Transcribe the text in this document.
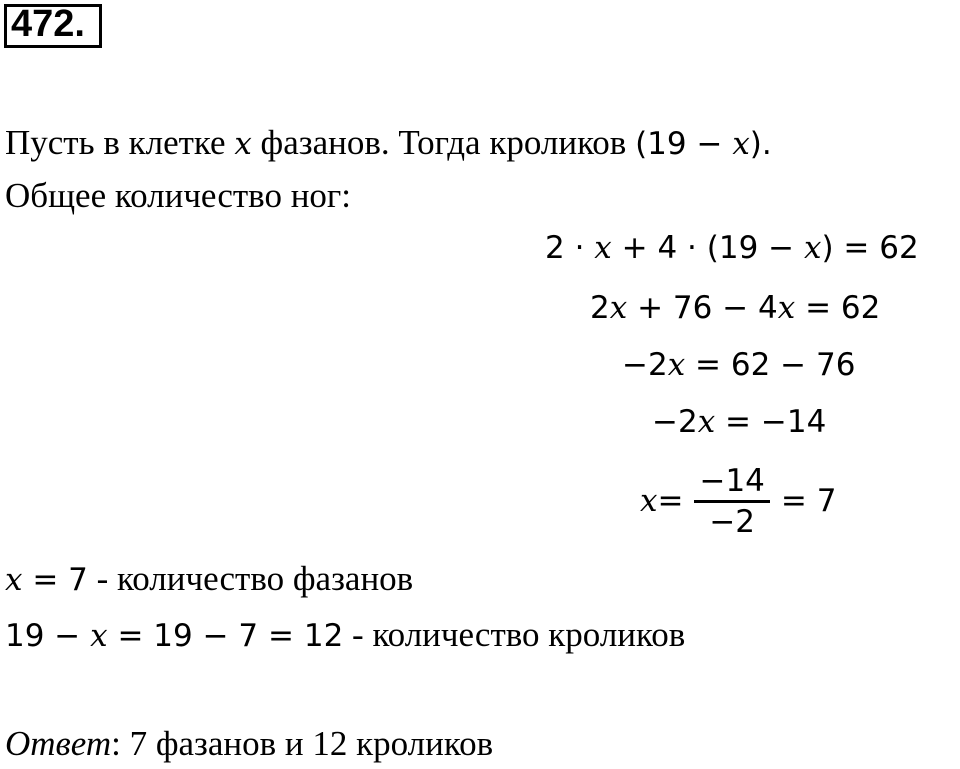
472.
Пусть в клетке x фазанов. Тогда кроликов (19 − x).
Общее количество ног:
2 · x + 4 · (19 − x) = 62
2x + 76 − 4x = 62
−2x = 62 − 76
−2x = −14
$x = \frac{-14}{-2} = 7$
x = 7 - количество фазанов
19 − x = 19 − 7 = 12 - количество кроликов
Ответ: 7 фазанов и 12 кроликов
